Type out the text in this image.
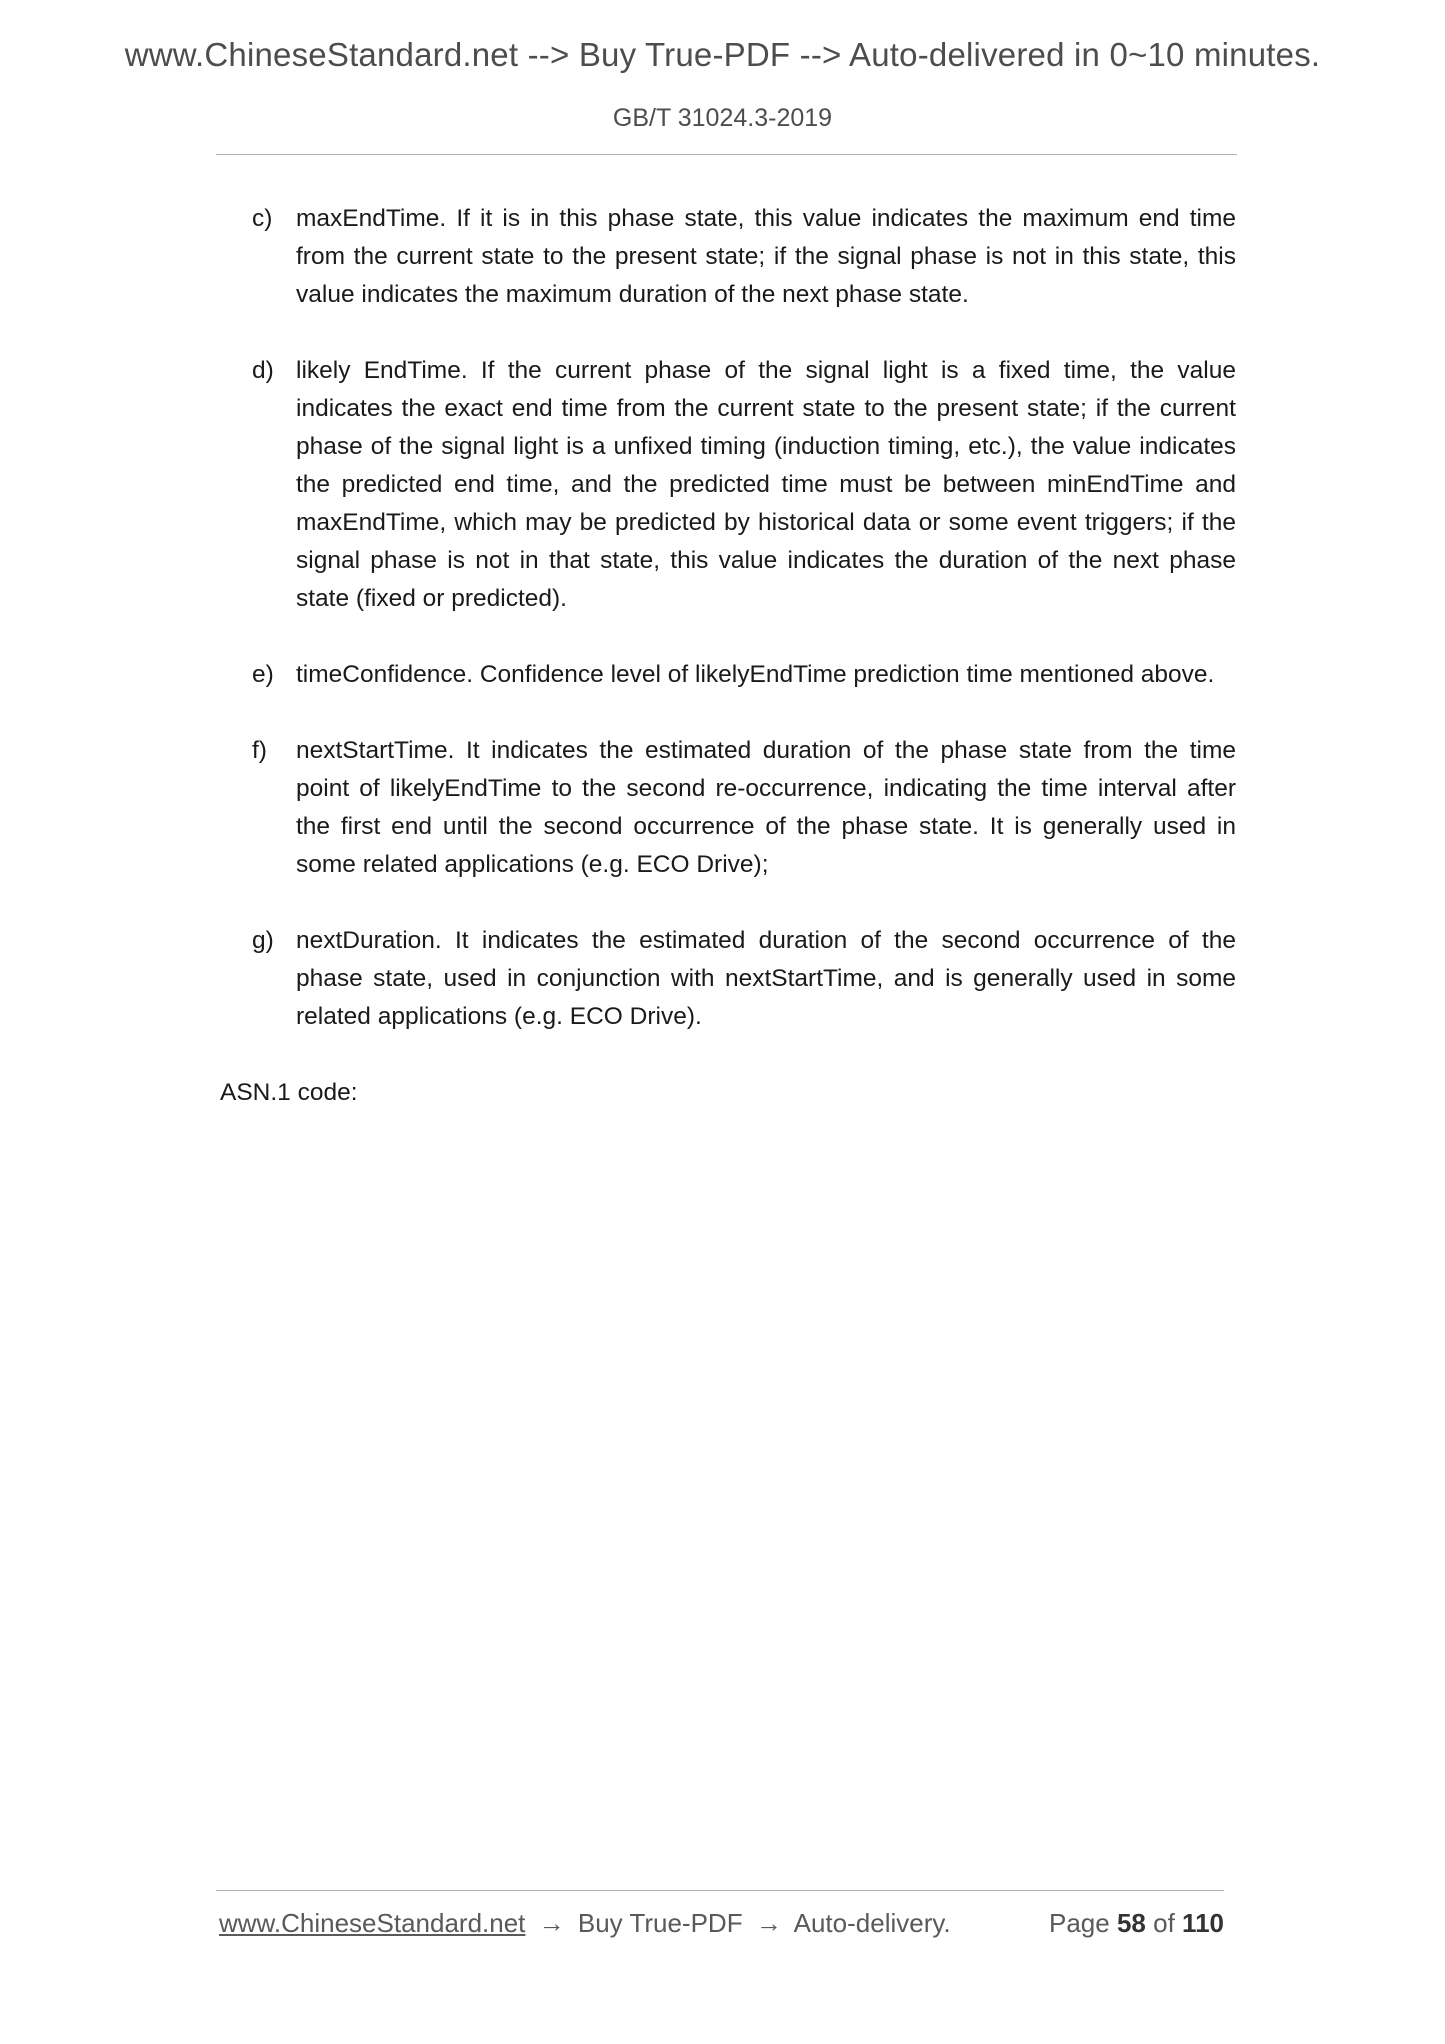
www.ChineseStandard.net --> Buy True-PDF --> Auto-delivered in 0~10 minutes.
GB/T 31024.3-2019
c) maxEndTime. If it is in this phase state, this value indicates the maximum end time from the current state to the present state; if the signal phase is not in this state, this value indicates the maximum duration of the next phase state.
d) likely EndTime. If the current phase of the signal light is a fixed time, the value indicates the exact end time from the current state to the present state; if the current phase of the signal light is a unfixed timing (induction timing, etc.), the value indicates the predicted end time, and the predicted time must be between minEndTime and maxEndTime, which may be predicted by historical data or some event triggers; if the signal phase is not in that state, this value indicates the duration of the next phase state (fixed or predicted).
e) timeConfidence. Confidence level of likelyEndTime prediction time mentioned above.
f) nextStartTime. It indicates the estimated duration of the phase state from the time point of likelyEndTime to the second re-occurrence, indicating the time interval after the first end until the second occurrence of the phase state. It is generally used in some related applications (e.g. ECO Drive);
g) nextDuration. It indicates the estimated duration of the second occurrence of the phase state, used in conjunction with nextStartTime, and is generally used in some related applications (e.g. ECO Drive).
ASN.1 code:
www.ChineseStandard.net → Buy True-PDF → Auto-delivery.	Page 58 of 110
